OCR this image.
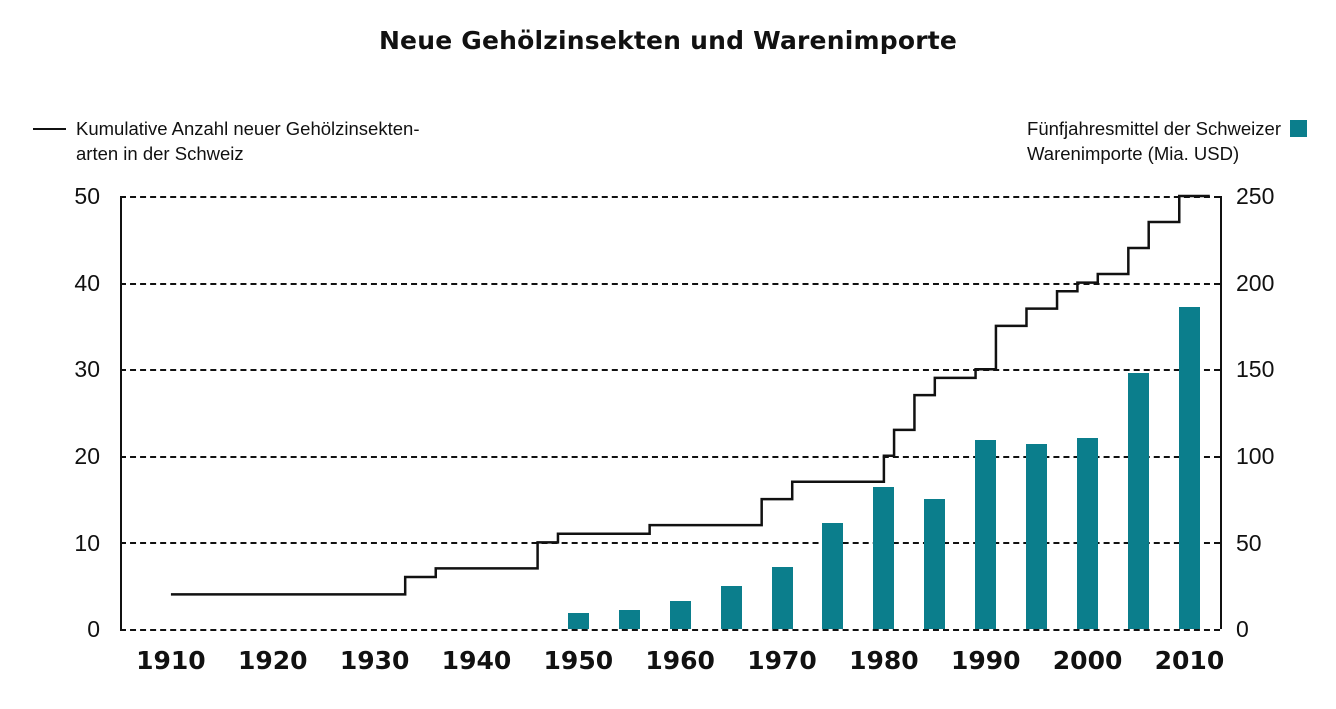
Neue Gehölzinsekten und Warenimporte
Kumulative Anzahl neuer Gehölzinsekten-
arten in der Schweiz
Fünfjahresmittel der Schweizer
Warenimporte (Mia. USD)
50
40
30
20
10
0
250
200
150
100
50
0
1910 1920 1930 1940 1950 1960 1970 1980 1990 2000 2010
